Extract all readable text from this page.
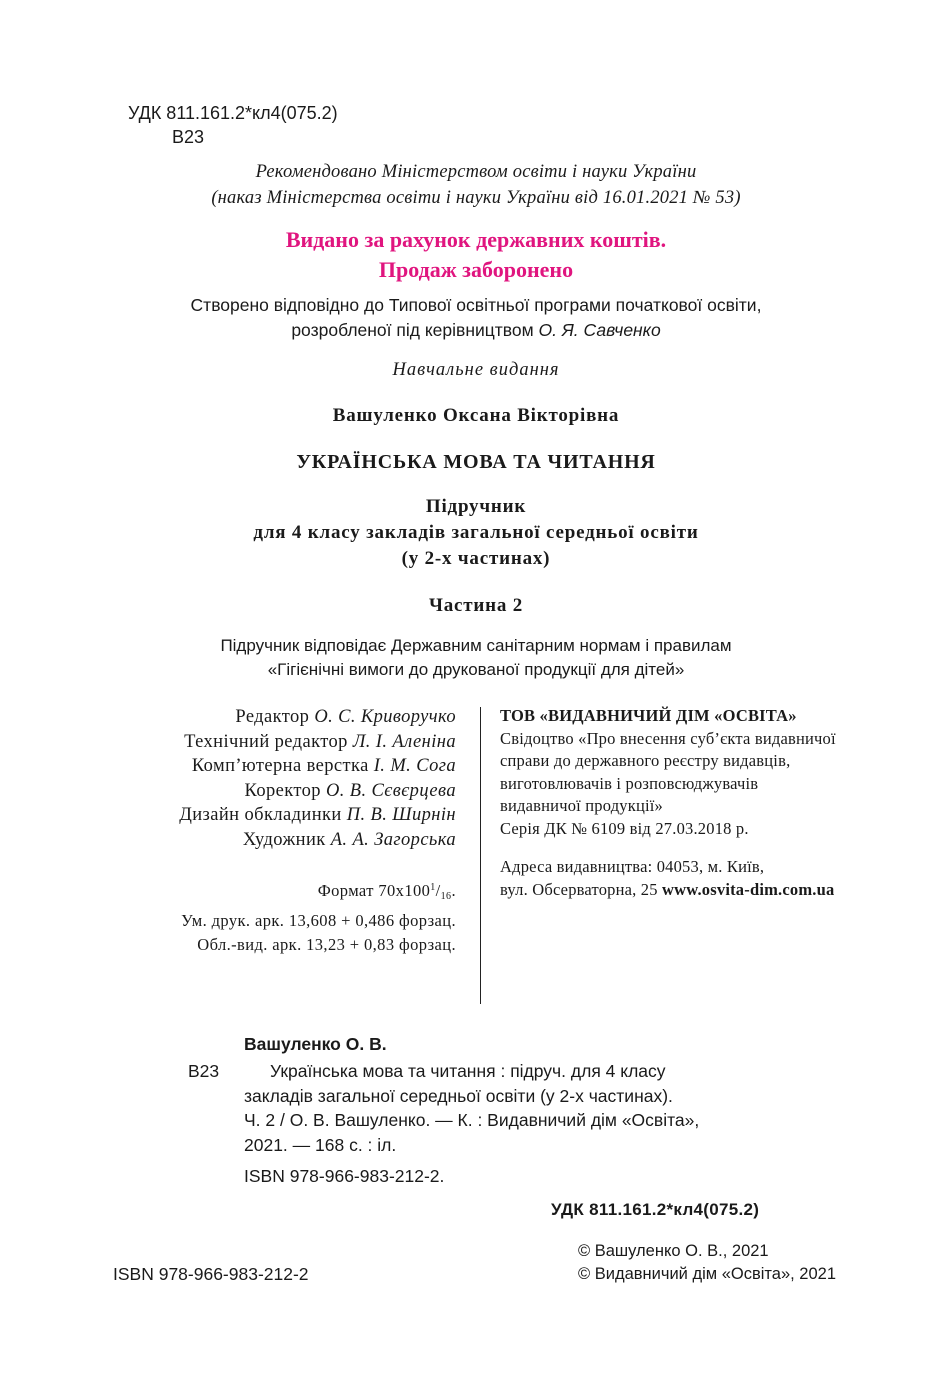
УДК 811.161.2*кл4(075.2)
В23
Рекомендовано Міністерством освіти і науки України
(наказ Міністерства освіти і науки України від 16.01.2021 № 53)
Видано за рахунок державних коштів.
Продаж заборонено
Створено відповідно до Типової освітньої програми початкової освіти,
розробленої під керівництвом О. Я. Савченко
Навчальне видання
Вашуленко Оксана Вікторівна
УКРАЇНСЬКА МОВА ТА ЧИТАННЯ
Підручник
для 4 класу закладів загальної середньої освіти
(у 2-х частинах)
Частина 2
Підручник відповідає Державним санітарним нормам і правилам
«Гігієнічні вимоги до друкованої продукції для дітей»
Редактор О. С. Криворучко
Технічний редактор Л. І. Аленіна
Комп’ютерна верстка І. М. Сога
Коректор О. В. Сєвєрцева
Дизайн обкладинки П. В. Ширнін
Художник А. А. Загорська
Формат $70х100^1/_{16}$.
Ум. друк. арк. 13,608 + 0,486 форзац.
Обл.-вид. арк. 13,23 + 0,83 форзац.
ТОВ «ВИДАВНИЧИЙ ДІМ «ОСВІТА»
Свідоцтво «Про внесення суб’єкта видавничої
справи до державного реєстру видавців,
виготовлювачів і розповсюджувачів
видавничої продукції»
Серія ДК № 6109 від 27.03.2018 р.
Адреса видавництва: 04053, м. Київ,
вул. Обсерваторна, 25 www.osvita-dim.com.ua
Вашуленко О. В.
В23	Українська мова та читання : підруч. для 4 класу
закладів загальної середньої освіти (у 2-х частинах).
Ч. 2 / О. В. Вашуленко. — К. : Видавничий дім «Освіта»,
2021. — 168 с. : іл.
ISBN 978-966-983-212-2.
УДК 811.161.2*кл4(075.2)
ISBN 978-966-983-212-2
© Вашуленко О. В., 2021
© Видавничий дім «Освіта», 2021
